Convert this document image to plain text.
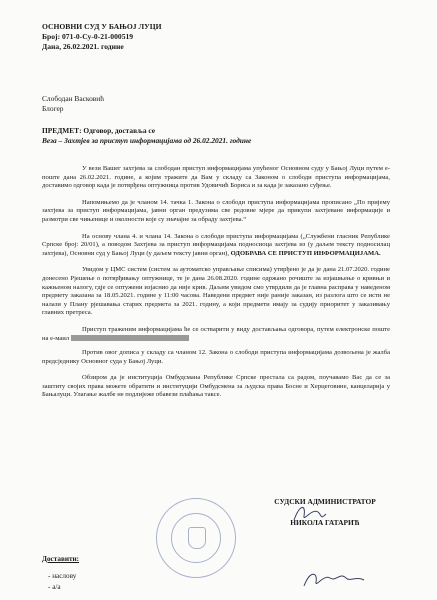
ОСНОВНИ СУД У БАЊОЈ ЛУЦИ
Број: 071-0-Су-0-21-000519
Дана, 26.02.2021. године
Слободан Васковић
Блогер
ПРЕДМЕТ: Одговор, достављa се
Веза – Захтјев за приступ информацијама од 26.02.2021. године

У вези Вашег захтјева за слободан приступ информацијама упућеног Основном суду у Бањој Луци путем е-поште дана 26.02.2021. године, а којим тражите да Вам у складу са Законом о слободи приступа информацијама, доставимо одговор када је потврђена оптужница против Удовичић Бориса и за када је заказано суђење.

Напомињемо да је чланом 14. тачка 1. Закона о слободи приступа информацијама прописано „По пријему захтјева за приступ информацијама, јавни орган предузима све редовне мјере да прикупи захтјеване информације и размотри све чињенице и околности које су значајне за обраду захтјева.“

На основу члана 4. и члана 14. Закона о слободи приступа информацијама („Службени гласник Републике Српске број: 20/01), а поводом Захтјева за приступ информацијама подносиоца захтјева из (у даљем тексту подносилац захтјева), Основни суд у Бањој Луци (у даљем тексту јавни орган), ОДОБРАВА СЕ ПРИСТУП ИНФОРМАЦИЈАМА.

Увидом у ЦМС систем (систем за аутоматско управљање списима) утврђено је да је дана 21.07.2020. године донесено Рјешење о потврђивању оптужнице, те је дана 26.08.2020. године одржано рочиште за изјашњење о кривњи и кажњеном налогу, гдје се оптужени изјаснио да није крив. Даљим увидом смо утврдили да је главна расправа у наведеном предмету заказана за 18.05.2021. године у 11:00 часова. Наведени предмет није раније заказан, из разлога што се исти не налази у Плану рјешавања старих предмета за 2021. годину, а који предмети имају за судију приоритет у заказивању главних претреса.

Приступ траженим информацијама ће се остварити у виду достављања одговора, путем електронске поште на е-маил

Против овог дописа у складу са чланом 12. Закона о слободи приступа информацијама дозвољена је жалба предсједнику Основног суда у Бањој Луци.

Обзиром да је институција Омбудсмана Републике Српске престала са радом, поучавамо Вас да се за заштиту својих права можете обратити и институцији Омбудсмена за људска права Босне и Херцеговине, канцеларија у Бањалуци. Улагање жалбе не подлијеже обавези плаћања таксе.

СУДСКИ АДМИНИСТРАТОР
НИКОЛА ГАТАРИЋ
Доставити:
- наслову
- а/а
